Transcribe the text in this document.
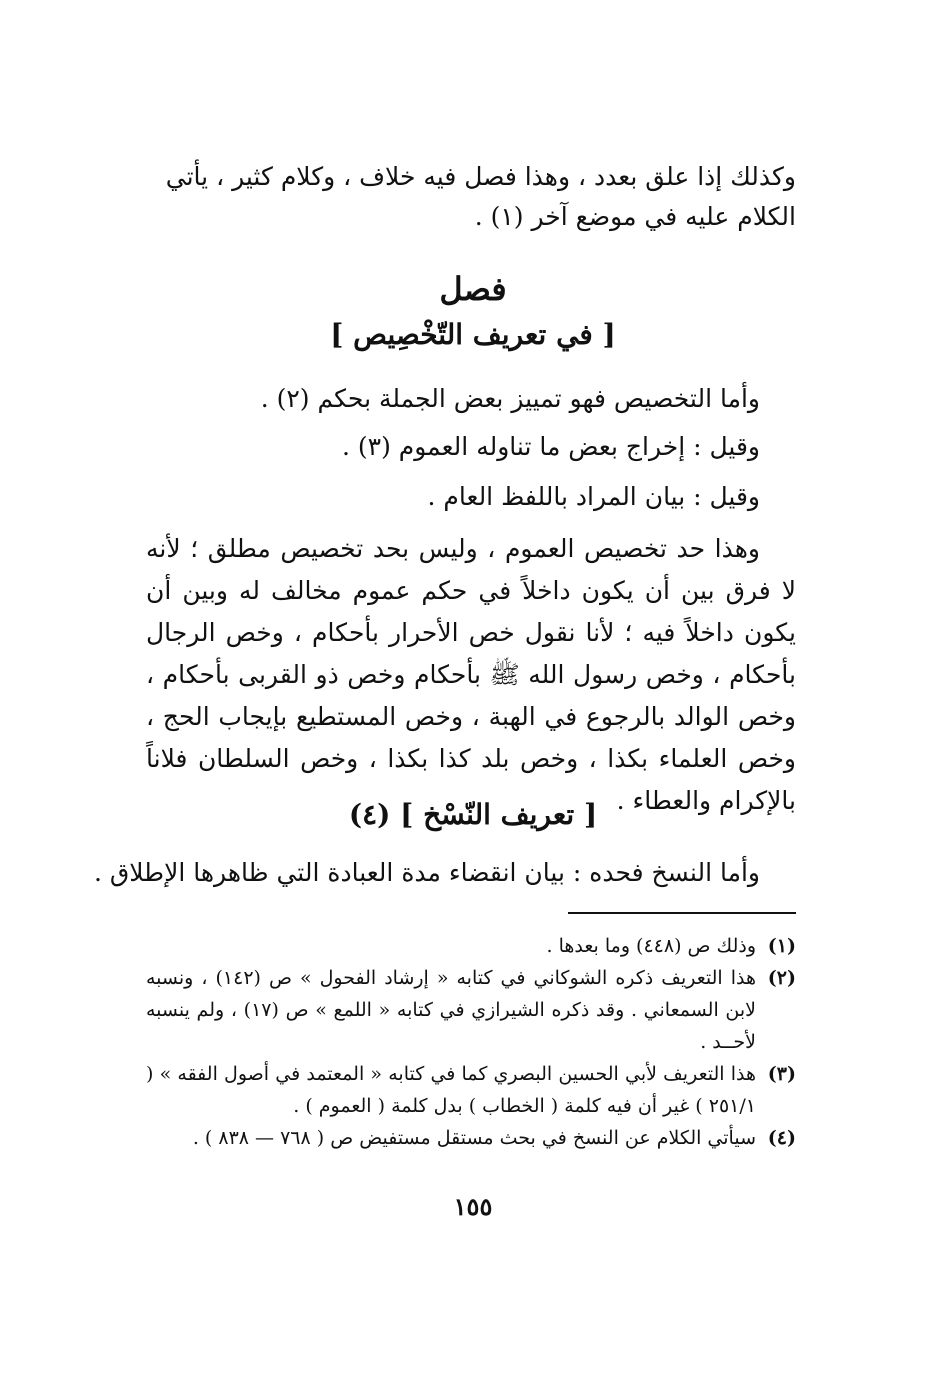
وكذلك إذا علق بعدد ، وهذا فصل فيه خلاف ، وكلام كثير ، يأتي
الكلام عليه في موضع آخر (١) .
فصل
[ في تعريف التّخْصِيص ]
وأما التخصيص فهو تمييز بعض الجملة بحكم (٢) .
وقيل : إخراج بعض ما تناوله العموم (٣) .
وقيل : بيان المراد باللفظ العام .
وهذا حد تخصيص العموم ، وليس بحد تخصيص مطلق ؛ لأنه لا فرق بين أن يكون داخلاً في حكم عموم مخالف له وبين أن يكون داخلاً فيه ؛ لأنا نقول خص الأحرار بأحكام ، وخص الرجال بأحكام ، وخص رسول الله ﷺ بأحكام وخص ذو القربى بأحكام ، وخص الوالد بالرجوع في الهبة ، وخص المستطيع بإيجاب الحج ، وخص العلماء بكذا ، وخص بلد كذا بكذا ، وخص السلطان فلاناً بالإكرام والعطاء .
[ تعريف النّسْخ ] (٤)
وأما النسخ فحده : بيان انقضاء مدة العبادة التي ظاهرها الإطلاق .
(١)
وذلك ص (٤٤٨) وما بعدها .
(٢)
هذا التعريف ذكره الشوكاني في كتابه « إرشاد الفحول » ص (١٤٢) ، ونسبه لابن السمعاني . وقد ذكره الشيرازي في كتابه « اللمع » ص (١٧) ، ولم ينسبه لأحــد .
(٣)
هذا التعريف لأبي الحسين البصري كما في كتابه « المعتمد في أصول الفقه » ( ٢٥١/١ ) غير أن فيه كلمة ( الخطاب ) بدل كلمة ( العموم ) .
(٤)
سيأتي الكلام عن النسخ في بحث مستقل مستفيض ص ( ٧٦٨ — ٨٣٨ ) .
١٥٥
